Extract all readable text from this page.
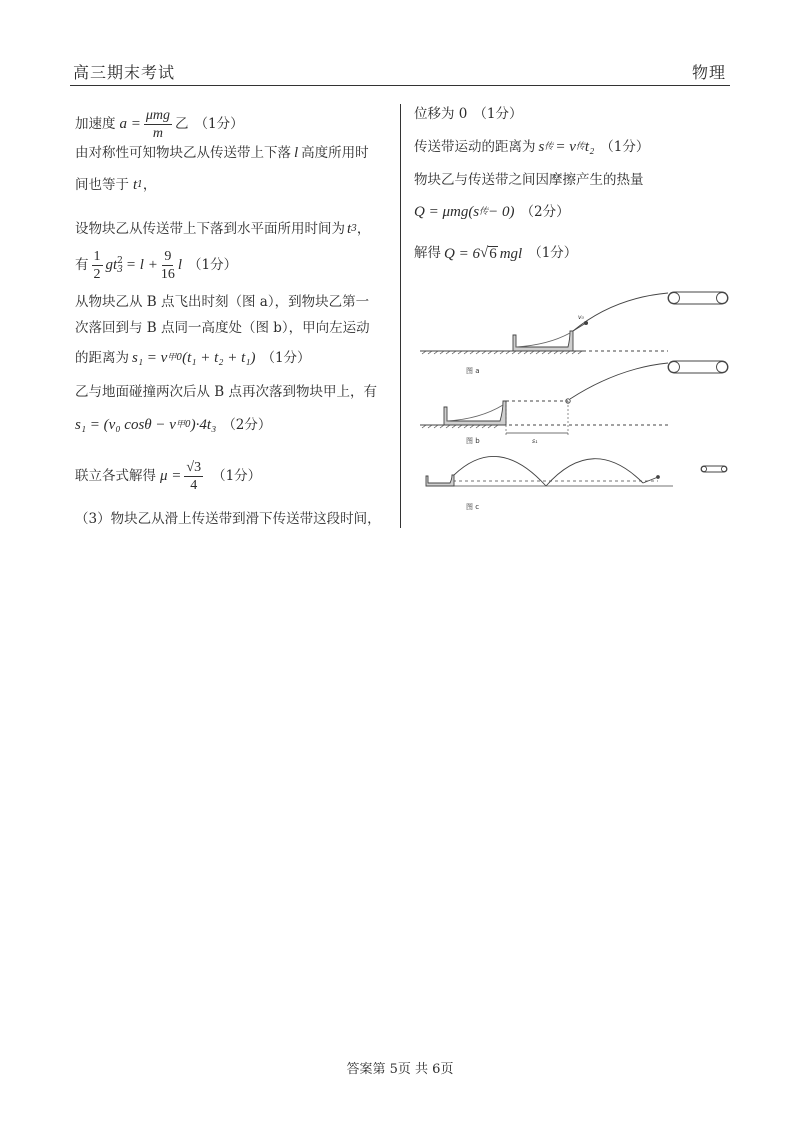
高三期末考试	物理
加速度 $a = \frac{\text{μmg}}{m}$ 乙 （1分）
由对称性可知物块乙从传送带上下落 l 高度所用时
间也等于 t 1 ，
设物块乙从传送带上下落到水平面所用时间为 t 3 ，
有 $\frac{1}{2}$ gt 2
$3 = l + \frac{9}{16}$ l （1分）
从物块乙从 B 点飞出时刻（图 a），到物块乙第一
次落回到与 B 点同一高度处（图 b），甲向左运动
的距离为 s₁ = v 甲0 (t₁ + t₂ + t₁) （1分）
乙与地面碰撞两次后从 B 点再次落到物块甲上，有
s₁ = (v₀ cosθ − v 甲0 )·4t₃ （2分）
联立各式解得 $\mu = \frac{√3}{4} (1$分）
（3）物块乙从滑上传送带到滑下传送带这段时间，
位移为 0 （1分）
传送带运动的距离为 s 传 = v 传 t₂ （1分）
物块乙与传送带之间因摩擦产生的热量
Q = μmg(s 传 − 0) （2分）
解得 Q = 6 √ 6 mgl （1分）
图 a
图 b
图 c
v₀
s₁
答案第 5页 共 6页
